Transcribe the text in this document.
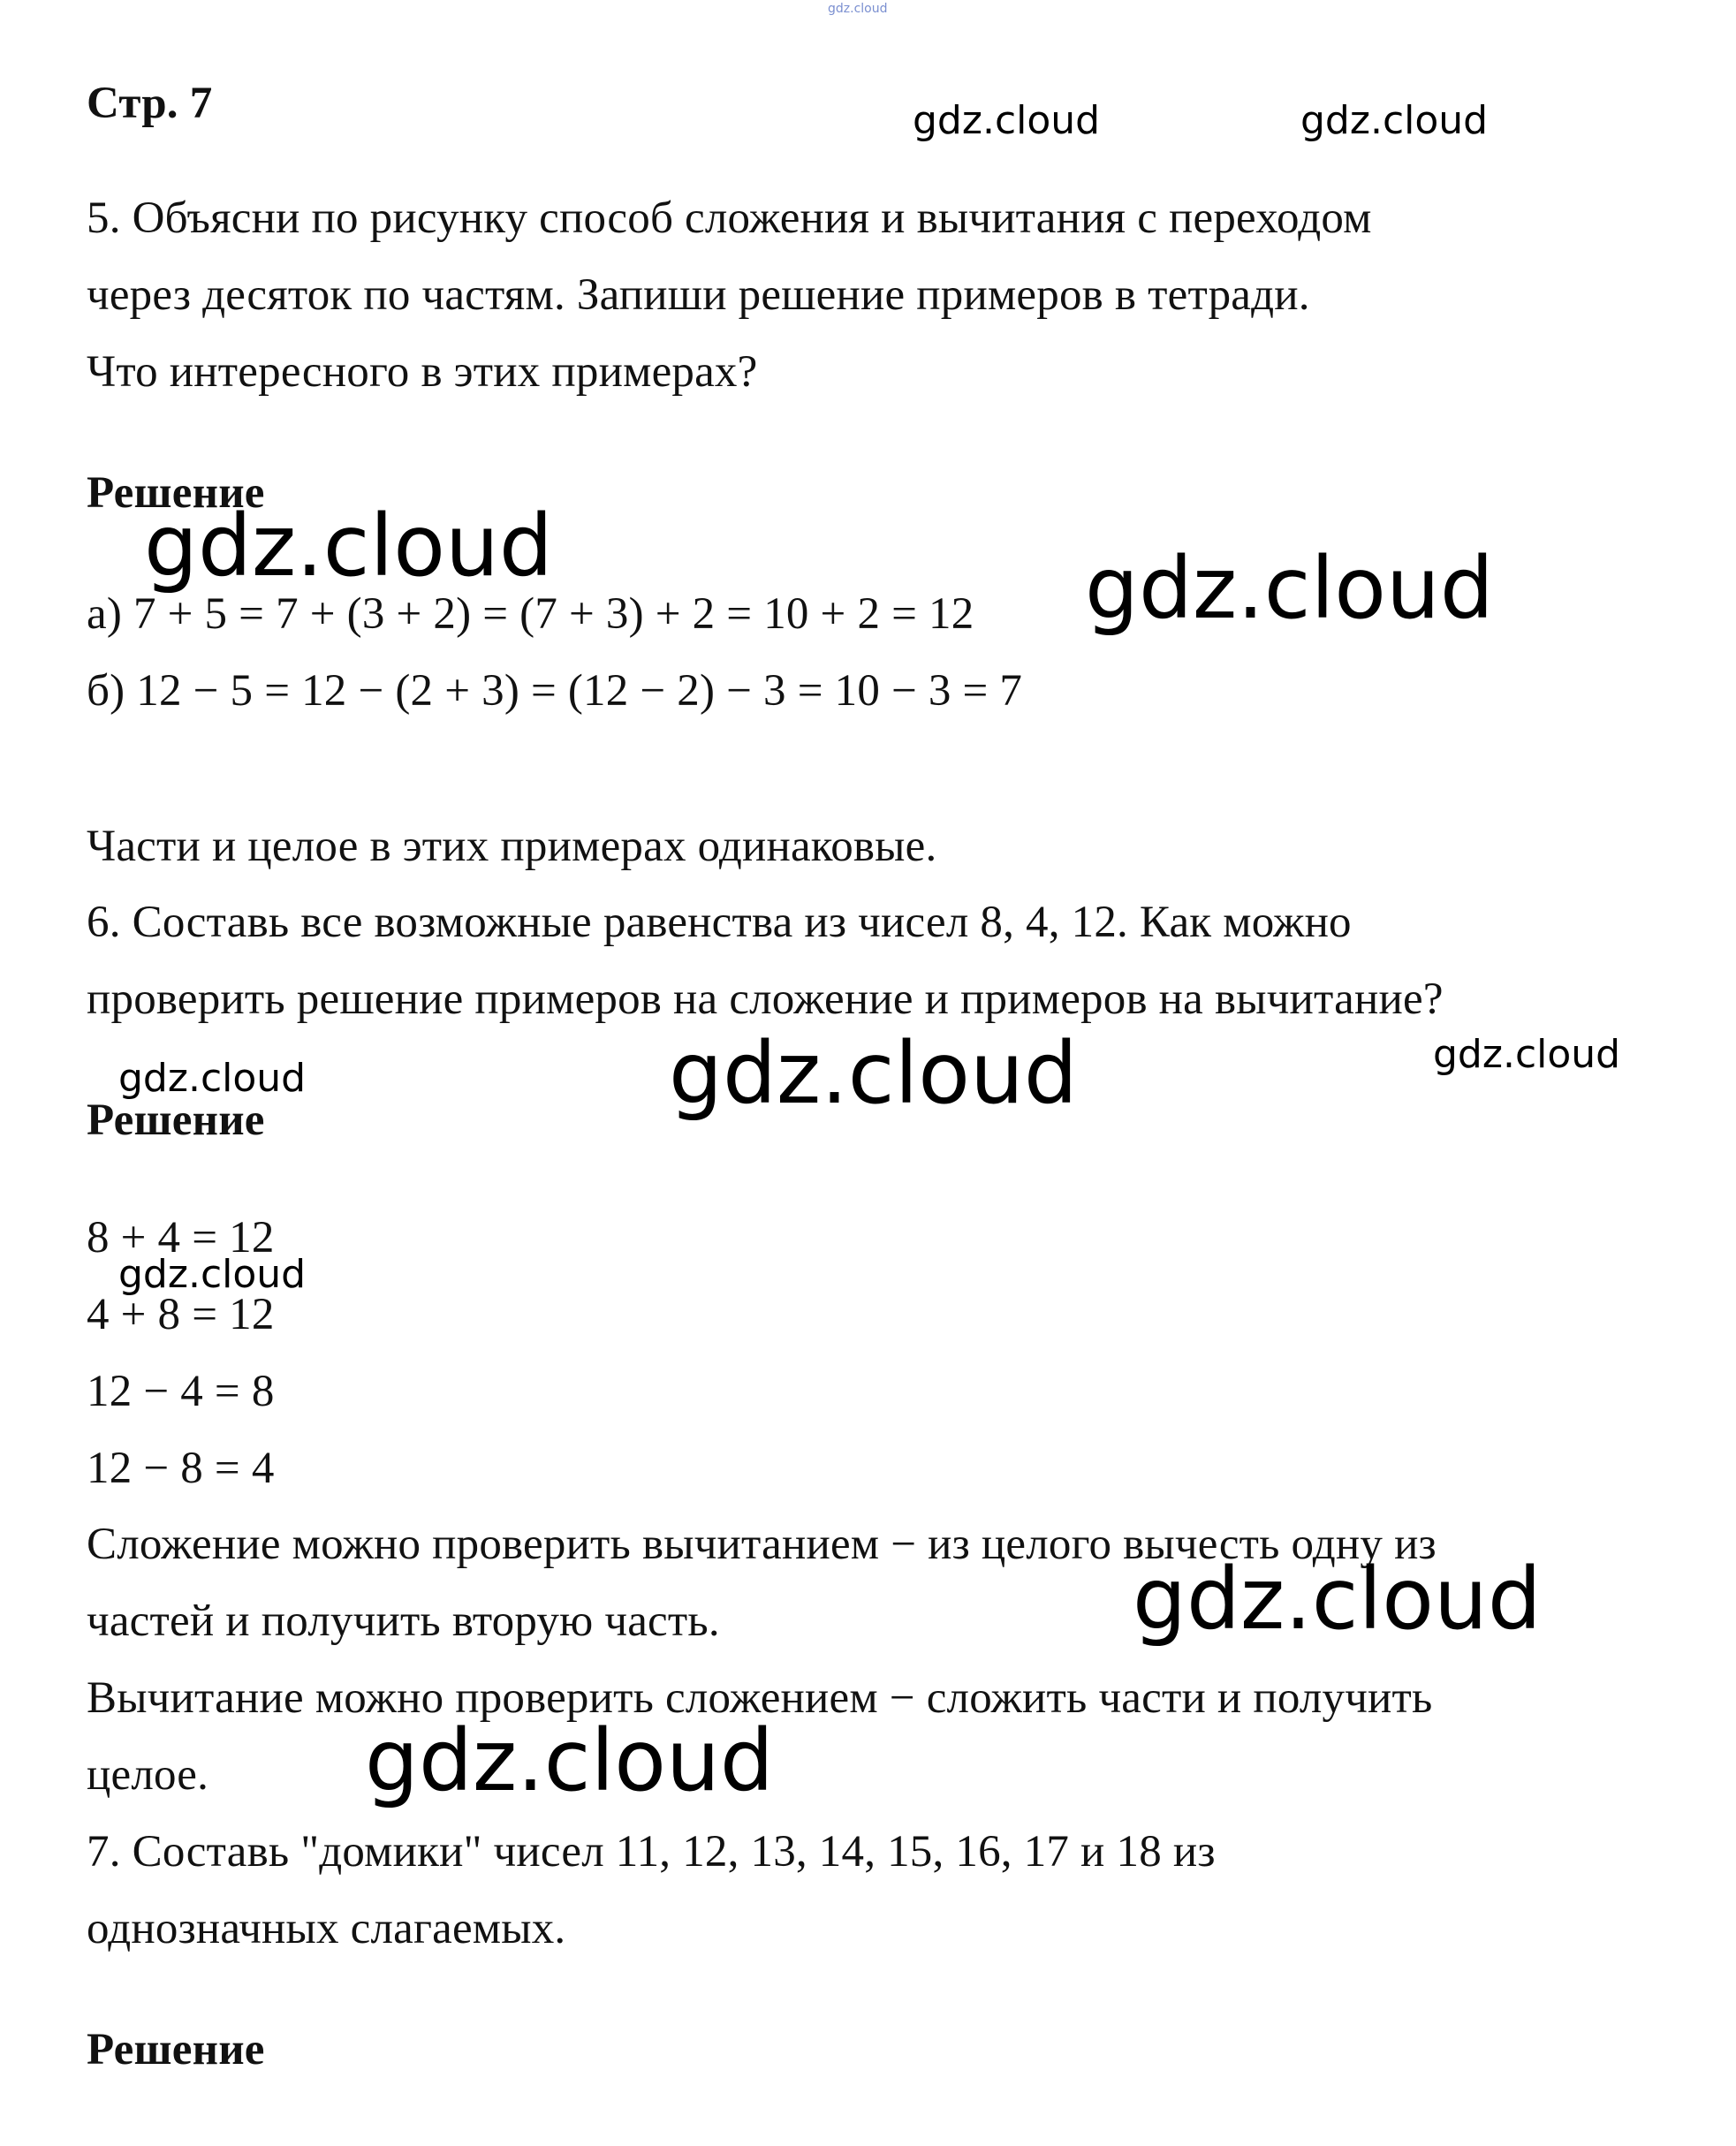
gdz.cloud
Стр. 7	gdz.cloud	gdz.cloud
5. Объясни по рисунку способ сложения и вычитания с переходом
через десяток по частям. Запиши решение примеров в тетради.
Что интересного в этих примерах?
Решение
gdz.cloud
а) 7 + 5 = 7 + (3 + 2) = (7 + 3) + 2 = 10 + 2 = 12 gdz.cloud
б) 12 − 5 = 12 − (2 + 3) = (12 − 2) − 3 = 10 − 3 = 7
Части и целое в этих примерах одинаковые.
6. Составь все возможные равенства из чисел 8, 4, 12. Как можно
проверить решение примеров на сложение и примеров на вычитание?
gdz.cloud
gdz.cloud
gdz.cloud
Решение
8 + 4 = 12
gdz.cloud
4 + 8 = 12
12 − 4 = 8
12 − 8 = 4
Сложение можно проверить вычитанием − из целого вычесть одну из
gdz.cloud
частей и получить вторую часть.
Вычитание можно проверить сложением − сложить части и получить
целое. gdz.cloud
7. Составь "домики" чисел 11, 12, 13, 14, 15, 16, 17 и 18 из
однозначных слагаемых.
Решение
